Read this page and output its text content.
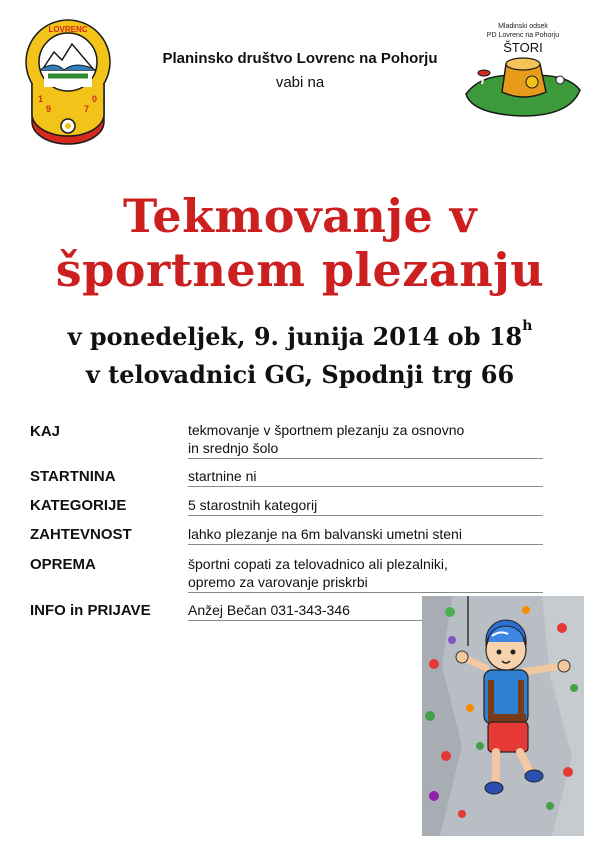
1
9	7
0
LOVRENC	Mladinski odsek
PD Lovrenc na Pohorju
ŠTORI
Planinsko društvo Lovrenc na Pohorju
vabi na
Tekmovanje v
športnem plezanju
v ponedeljek, 9. junija 2014 ob 18$^h$
v telovadnici GG, Spodnji trg 66
KAJ	tekmovanje v športnem plezanju za osnovno
in srednjo šolo
STARTNINA	startnine ni
KATEGORIJE	5 starostnih kategorij
ZAHTEVNOST	lahko plezanje na 6m balvanski umetni steni
OPREMA	športni copati za telovadnico ali plezalniki,
opremo za varovanje priskrbi
INFO in PRIJAVE	Anžej Bečan 031-343-346
